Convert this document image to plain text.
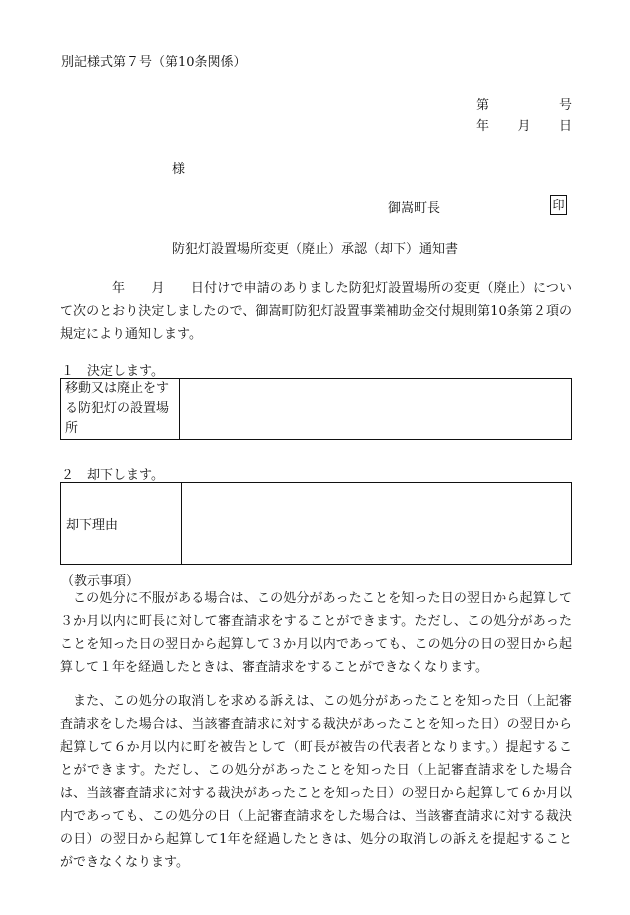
別記様式第７号（第10条関係）
第	号
年 月 日
様
御嵩町長	印
防犯灯設置場所変更（廃止）承認（却下）通知書

年　　月　　日付けで申請のありました防犯灯設置場所の変更（廃止）について次のとおり決定しましたので、御嵩町防犯灯設置事業補助金交付規則第10条第２項の規定により通知します。

１　決定します。
移動又は廃止をする防犯灯の設置場所	
２　却下します。
却下理由	
（教示事項）

この処分に不服がある場合は、この処分があったことを知った日の翌日から起算して３か月以内に町長に対して審査請求をすることができます。ただし、この処分があったことを知った日の翌日から起算して３か月以内であっても、この処分の日の翌日から起算して１年を経過したときは、審査請求をすることができなくなります。

また、この処分の取消しを求める訴えは、この処分があったことを知った日（上記審査請求をした場合は、当該審査請求に対する裁決があったことを知った日）の翌日から起算して６か月以内に町を被告として（町長が被告の代表者となります。）提起することができます。ただし、この処分があったことを知った日（上記審査請求をした場合は、当該審査請求に対する裁決があったことを知った日）の翌日から起算して６か月以内であっても、この処分の日（上記審査請求をした場合は、当該審査請求に対する裁決の日）の翌日から起算して1年を経過したときは、処分の取消しの訴えを提起することができなくなります。
